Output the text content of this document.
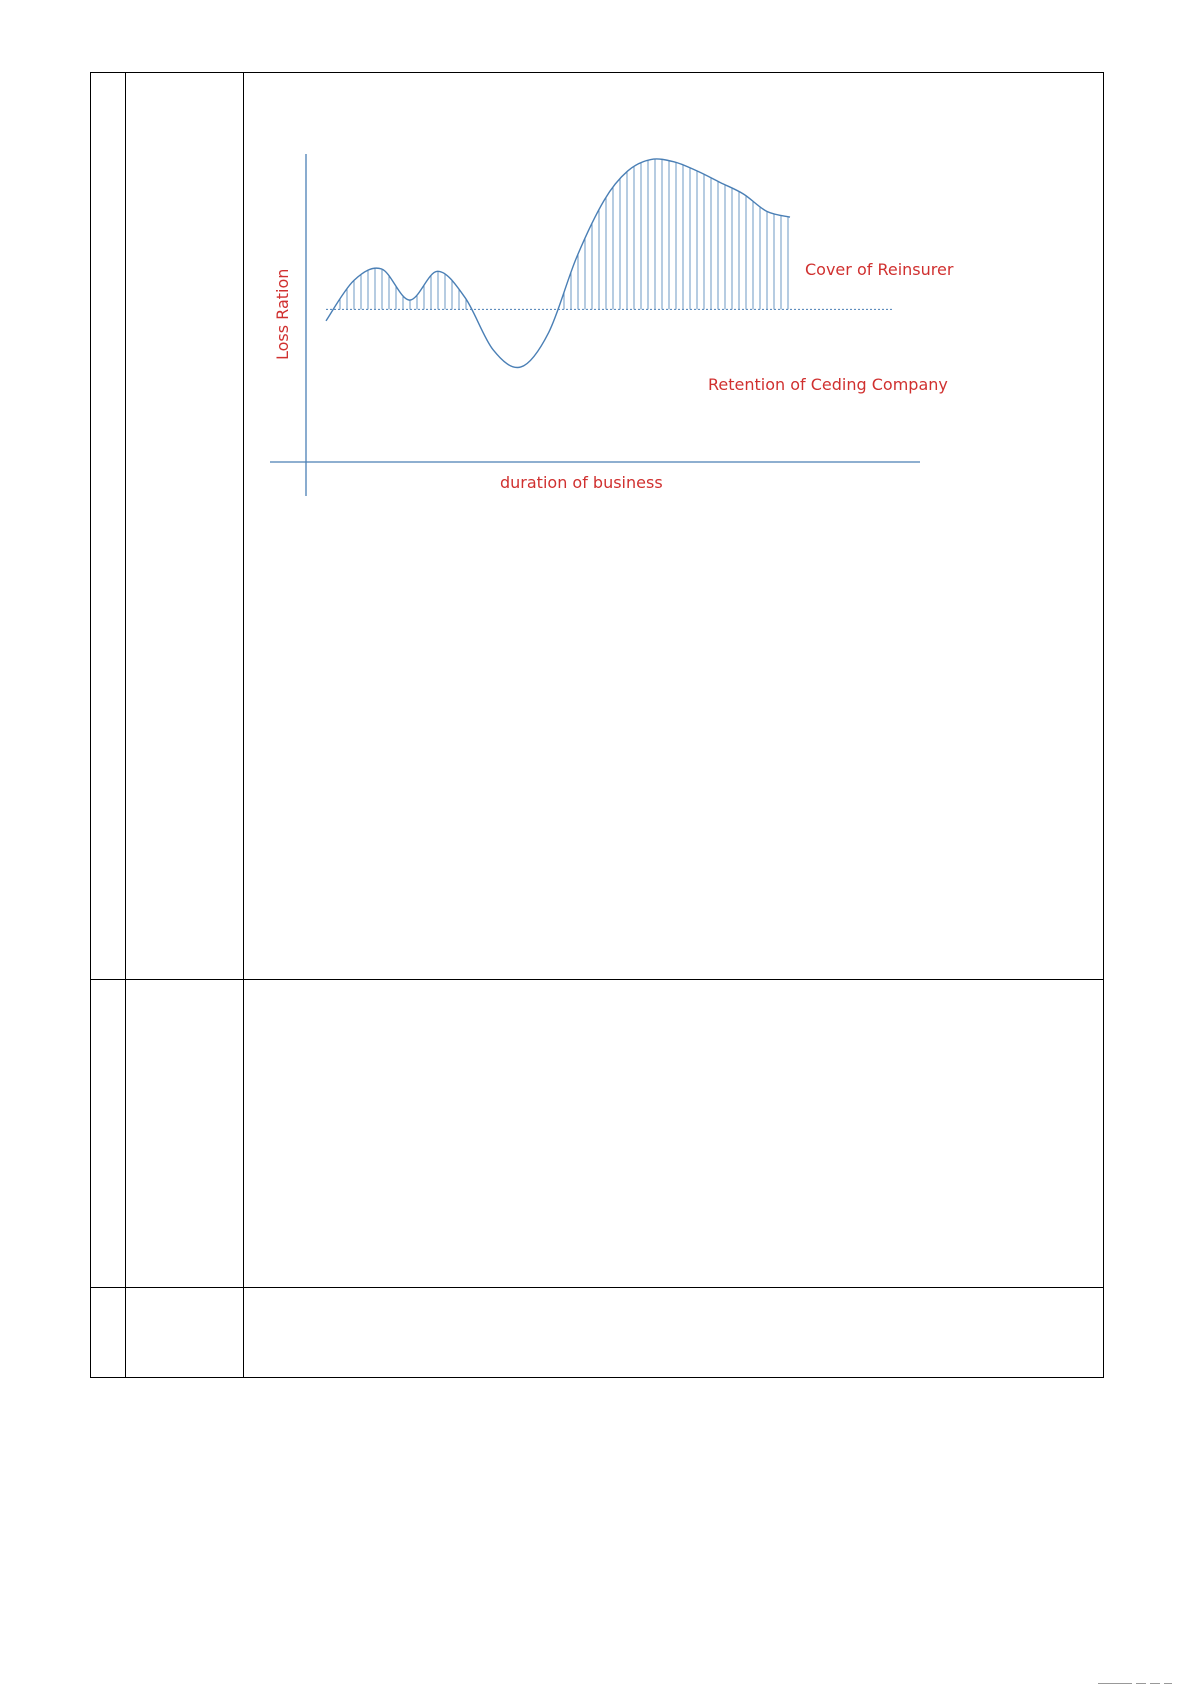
Loss Ration
duration of business
Cover of Reinsurer
Retention of Ceding Company
